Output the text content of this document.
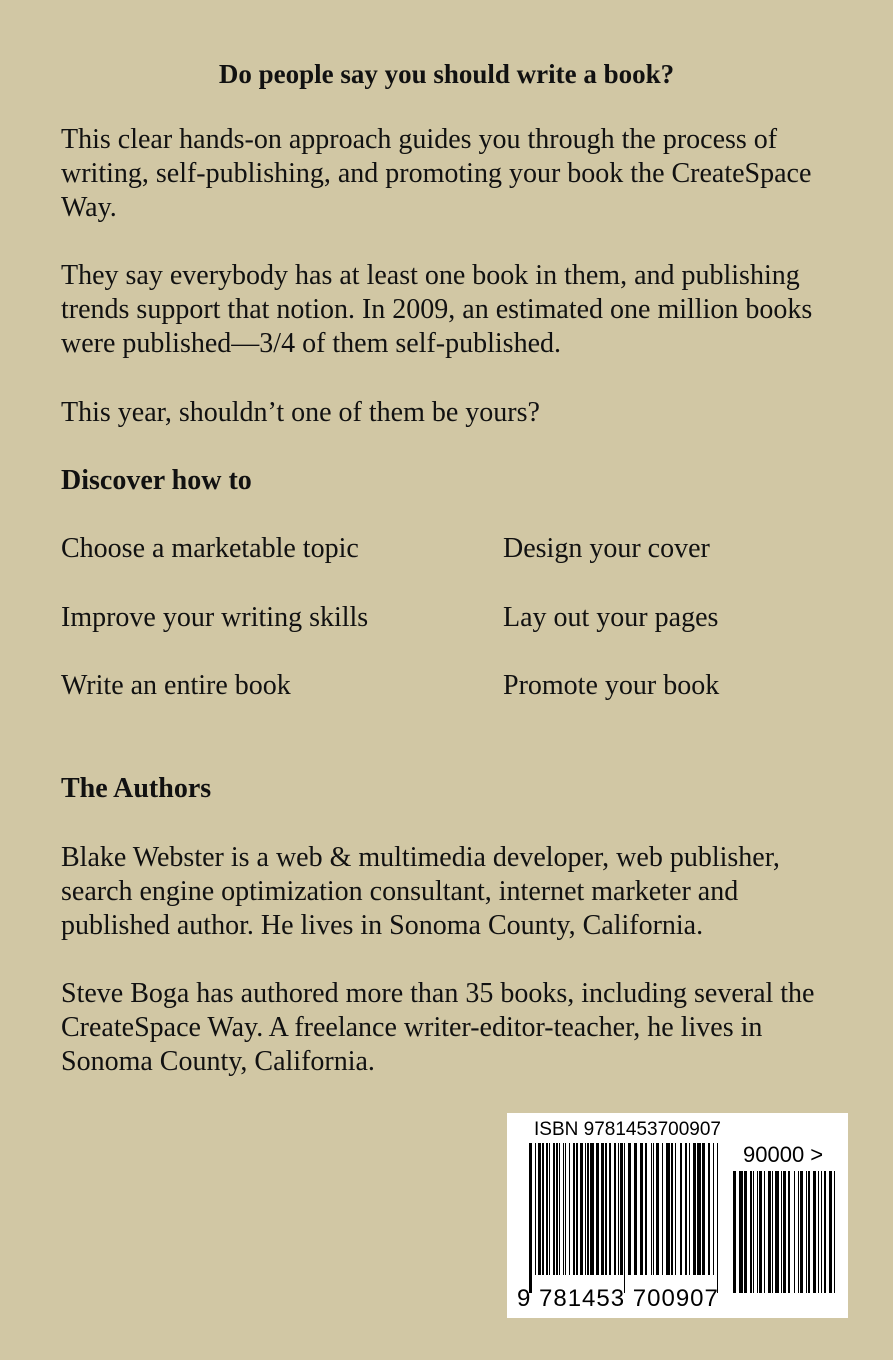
Do people say you should write a book?

This clear hands-on approach guides you through the process of writing, self-publishing, and promoting your book the CreateSpace Way.

They say everybody has at least one book in them, and publishing trends support that notion. In 2009, an estimated one million books were published—3/4 of them self-published.

This year, shouldn’t one of them be yours?

Discover how to

Choose a marketable topic	Design your cover
Improve your writing skills	Lay out your pages
Write an entire book	Promote your book

The Authors

Blake Webster is a web & multimedia developer, web publisher, search engine optimization consultant, internet marketer and published author. He lives in Sonoma County, California.

Steve Boga has authored more than 35 books, including several the CreateSpace Way. A freelance writer-editor-teacher, he lives in Sonoma County, California.

ISBN 9781453700907
90000 >
9 781453 700907
